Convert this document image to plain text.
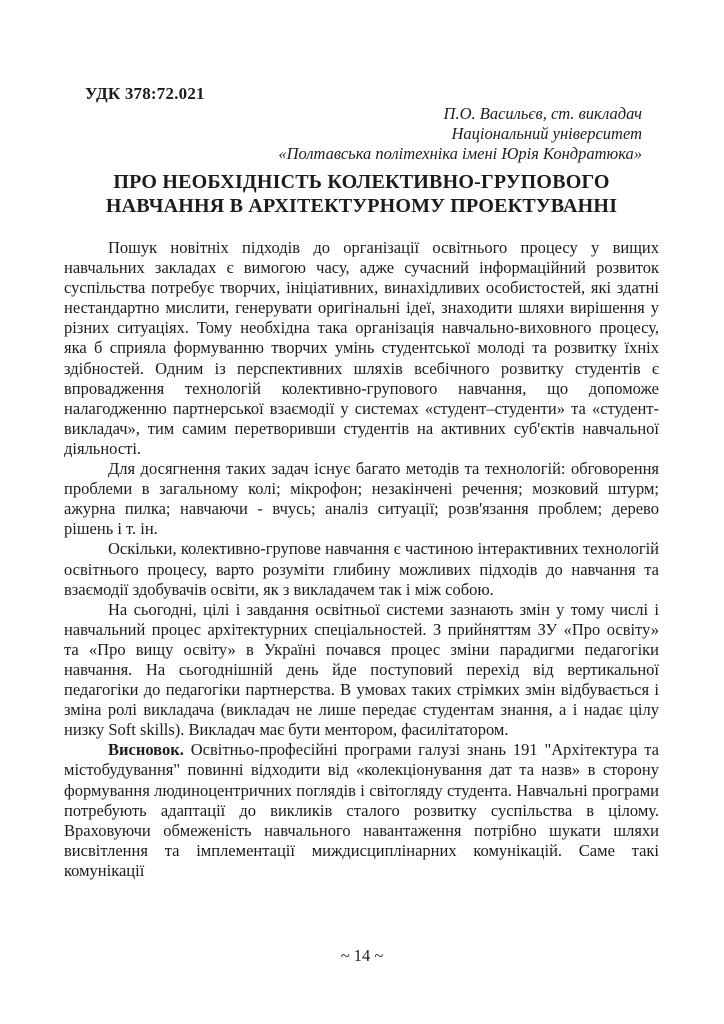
УДК 378:72.021
П.О. Васильєв, ст. викладач
Національний університет
«Полтавська політехніка імені Юрія Кондратюка»
ПРО НЕОБХІДНІСТЬ КОЛЕКТИВНО-ГРУПОВОГО НАВЧАННЯ В АРХІТЕКТУРНОМУ ПРОЕКТУВАННІ

Пошук новітніх підходів до організації освітнього процесу у вищих навчальних закладах є вимогою часу, адже сучасний інформаційний розвиток суспільства потребує творчих, ініціативних, винахідливих особистостей, які здатні нестандартно мислити, генерувати оригінальні ідеї, знаходити шляхи вирішення у різних ситуаціях. Тому необхідна така організація навчально-виховного процесу, яка б сприяла формуванню творчих умінь студентської молоді та розвитку їхніх здібностей. Одним із перспективних шляхів всебічного розвитку студентів є впровадження технологій колективно-групового навчання, що допоможе налагодженню партнерської взаємодії у системах «студент–студенти» та «студент-викладач», тим самим перетворивши студентів на активних суб'єктів навчальної діяльності.

Для досягнення таких задач існує багато методів та технологій: обговорення проблеми в загальному колі; мікрофон; незакінчені речення; мозковий штурм; ажурна пилка; навчаючи - вчусь; аналіз ситуації; розв'язання проблем; дерево рішень і т. ін.

Оскільки, колективно-групове навчання є частиною інтерактивних технологій освітнього процесу, варто розуміти глибину можливих підходів до навчання та взаємодії здобувачів освіти, як з викладачем так і між собою.

На сьогодні, цілі і завдання освітньої системи зазнають змін у тому числі і навчальний процес архітектурних спеціальностей. З прийняттям ЗУ «Про освіту» та «Про вищу освіту» в Україні почався процес зміни парадигми педагогіки навчання. На сьогоднішній день йде поступовий перехід від вертикальної педагогіки до педагогіки партнерства. В умовах таких стрімких змін відбувається і зміна ролі викладача (викладач не лише передає студентам знання, а і надає цілу низку Soft skills). Викладач має бути ментором, фасилітатором.

Висновок. Освітньо-професійні програми галузі знань 191 "Архітектура та містобудування" повинні відходити від «колекціонування дат та назв» в сторону формування людиноцентричних поглядів і світогляду студента. Навчальні програми потребують адаптації до викликів сталого розвитку суспільства в цілому. Враховуючи обмеженість навчального навантаження потрібно шукати шляхи висвітлення та імплементації миждисциплінарних комунікацій. Саме такі комунікації

~ 14 ~
